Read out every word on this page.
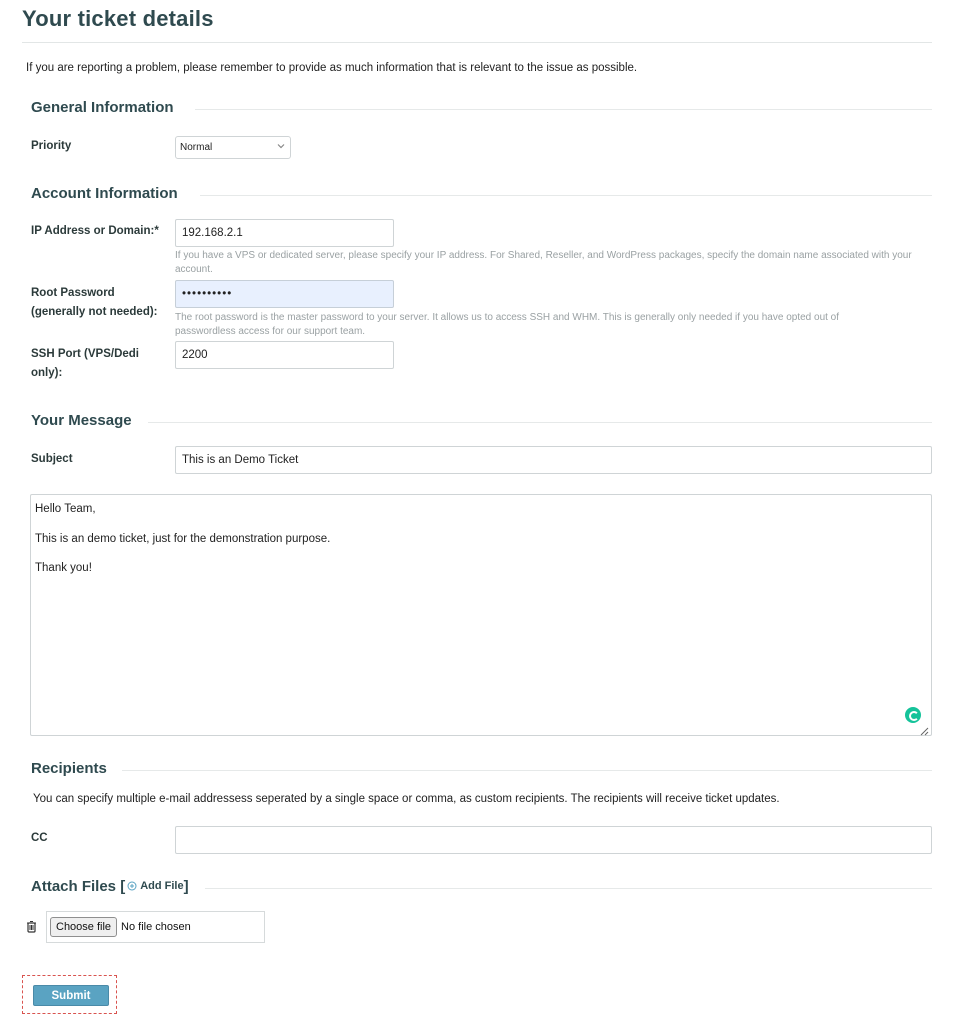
Your ticket details
If you are reporting a problem, please remember to provide as much information that is relevant to the issue as possible.
General Information
Priority	Normal
Account Information
IP Address or Domain:* 192.168.2.1
If you have a VPS or dedicated server, please specify your IP address. For Shared, Reseller, and WordPress packages, specify the domain name associated with your account.
Root Password
(generally not needed):
••••••••••
The root password is the master password to your server. It allows us to access SSH and WHM. This is generally only needed if you have opted out of passwordless access for our support team.
SSH Port (VPS/Dedi
only):
2200
Your Message
Subject	This is an Demo Ticket

Hello Team,

This is an demo ticket, just for the demonstration purpose.

Thank you!

Recipients
You can specify multiple e-mail addressess seperated by a single space or comma, as custom recipients. The recipients will receive ticket updates.
CC
Attach Files [ Add File ]
Choose file No file chosen
Submit
